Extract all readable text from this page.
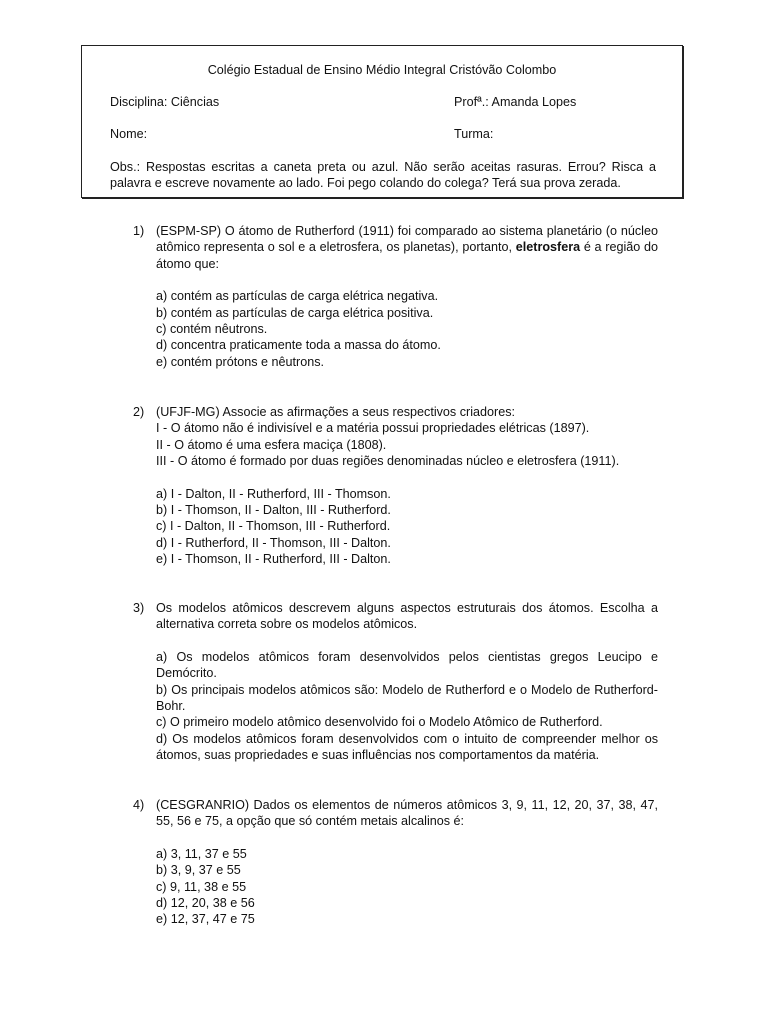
Colégio Estadual de Ensino Médio Integral Cristóvão Colombo
Disciplina: Ciências	Profª.: Amanda Lopes
Nome:	Turma:
Obs.: Respostas escritas a caneta preta ou azul. Não serão aceitas rasuras. Errou? Risca a palavra e escreve novamente ao lado. Foi pego colando do colega? Terá sua prova zerada.
1) (ESPM-SP) O átomo de Rutherford (1911) foi comparado ao sistema planetário (o núcleo atômico representa o sol e a eletrosfera, os planetas), portanto, eletrosfera é a região do átomo que:
a) contém as partículas de carga elétrica negativa.
b) contém as partículas de carga elétrica positiva.
c) contém nêutrons.
d) concentra praticamente toda a massa do átomo.
e) contém prótons e nêutrons.
2) (UFJF-MG) Associe as afirmações a seus respectivos criadores:

I - O átomo não é indivisível e a matéria possui propriedades elétricas (1897).

II - O átomo é uma esfera maciça (1808).

III - O átomo é formado por duas regiões denominadas núcleo e eletrosfera (1911).

a) I - Dalton, II - Rutherford, III - Thomson.
b) I - Thomson, II - Dalton, III - Rutherford.
c) I - Dalton, II - Thomson, III - Rutherford.
d) I - Rutherford, II - Thomson, III - Dalton.
e) I - Thomson, II - Rutherford, III - Dalton.
3) Os modelos atômicos descrevem alguns aspectos estruturais dos átomos. Escolha a alternativa correta sobre os modelos atômicos.
a) Os modelos atômicos foram desenvolvidos pelos cientistas gregos Leucipo e Demócrito.
b) Os principais modelos atômicos são: Modelo de Rutherford e o Modelo de Rutherford-Bohr.
c) O primeiro modelo atômico desenvolvido foi o Modelo Atômico de Rutherford.
d) Os modelos atômicos foram desenvolvidos com o intuito de compreender melhor os átomos, suas propriedades e suas influências nos comportamentos da matéria.
4) (CESGRANRIO) Dados os elementos de números atômicos 3, 9, 11, 12, 20, 37, 38, 47, 55, 56 e 75, a opção que só contém metais alcalinos é:
a) 3, 11, 37 e 55
b) 3, 9, 37 e 55
c) 9, 11, 38 e 55
d) 12, 20, 38 e 56
e) 12, 37, 47 e 75
